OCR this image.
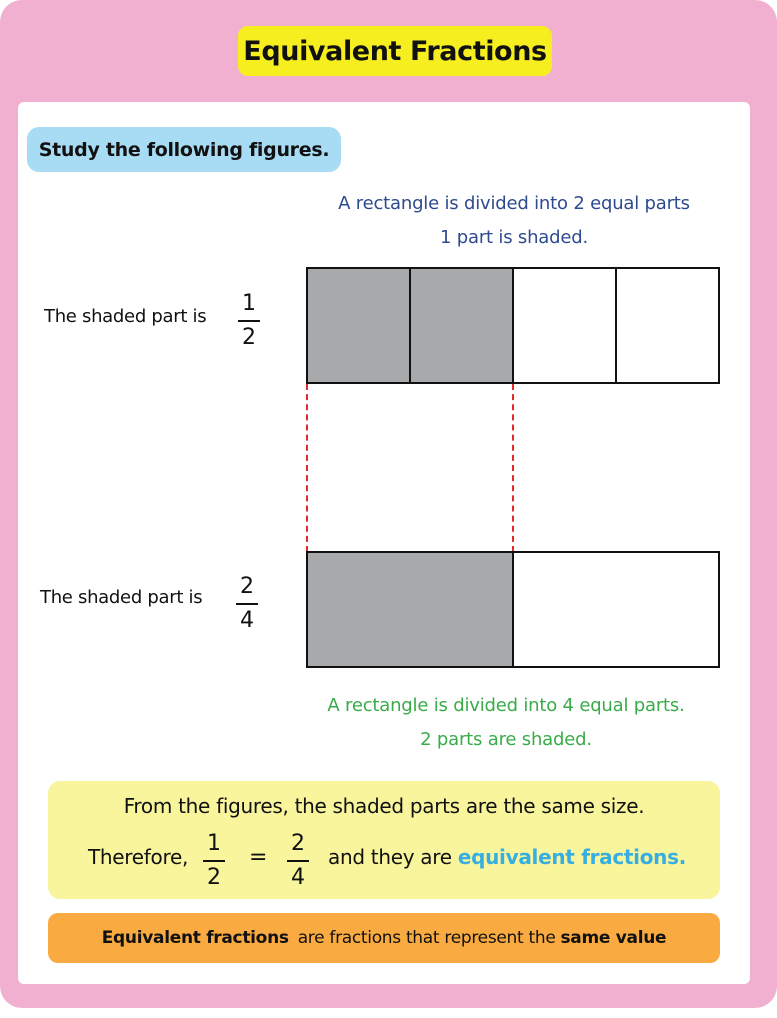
Equivalent Fractions
Study the following figures.
A rectangle is divided into 2 equal parts
1 part is shaded.
The shaded part is
1
2
The shaded part is	2
4
A rectangle is divided into 4 equal parts.
2 parts are shaded.
From the figures, the shaded parts are the same size.
Therefore,
1
2
=
2
4
and they are equivalent fractions.
Equivalent fractions are fractions that represent the same value
